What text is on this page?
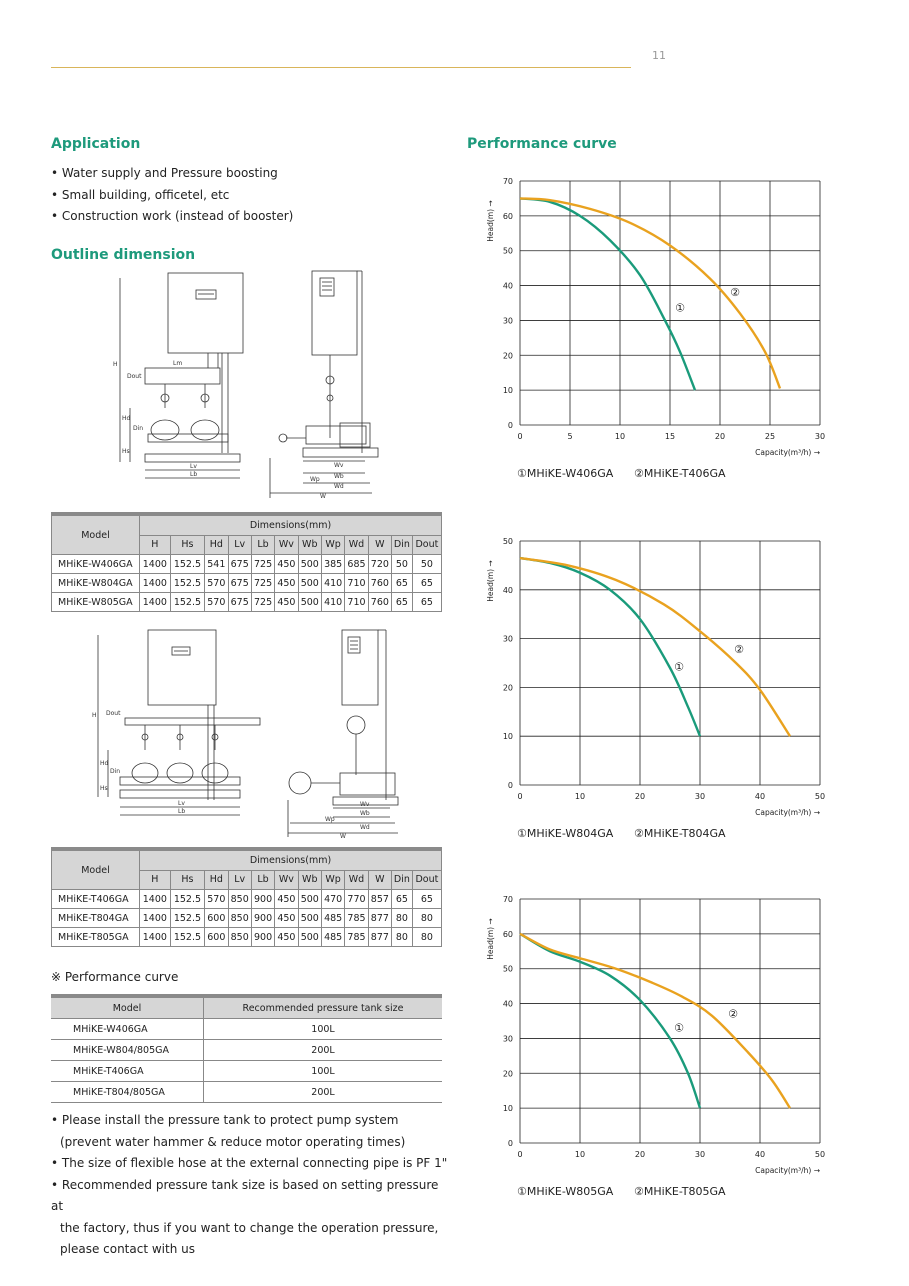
11
Application
• Water supply and Pressure boosting
• Small building, officetel, etc
• Construction work (instead of booster)
Outline dimension
Lm
Dout
Din
Hd
Hs
H
Lv
Lb
Wv
Wb
Wp
Wd
W
Model	Dimensions(mm)											
	H	Hs	Hd	Lv	Lb	Wv	Wb	Wp	Wd	W	Din	Dout
MHiKE-W406GA	1400	152.5	541	675	725	450	500	385	685	720	50	50
MHiKE-W804GA	1400	152.5	570	675	725	450	500	410	710	760	65	65
MHiKE-W805GA	1400	152.5	570	675	725	450	500	410	710	760	65	65
Dout
Din
Hd
Hs
H
Lv
Lb
Wv
Wb
Wp
Wd
W
Model	Dimensions(mm)											
	H	Hs	Hd	Lv	Lb	Wv	Wb	Wp	Wd	W	Din	Dout
MHiKE-T406GA	1400	152.5	570	850	900	450	500	470	770	857	65	65
MHiKE-T804GA	1400	152.5	600	850	900	450	500	485	785	877	80	80
MHiKE-T805GA	1400	152.5	600	850	900	450	500	485	785	877	80	80
※ Performance curve
Model	Recommended pressure tank size
MHiKE-W406GA	100L
MHiKE-W804/805GA	200L
MHiKE-T406GA	100L
MHiKE-T804/805GA	200L
• Please install the pressure tank to protect pump system
(prevent water hammer & reduce motor operating times)
• The size of flexible hose at the external connecting pipe is PF 1"
• Recommended pressure tank size is based on setting pressure at
the factory, thus if you want to change the operation pressure,
please contact with us
Performance curve
0	5	10	15	20	25	30
0
10
20
30
40
50
60
70
Head(m) →
Capacity(m³/h) →
①
①MHiKE-W406GA
②
②MHiKE-T406GA
0	10	20	30	40	50
0
10
20
30
40
50
Head(m) →
Capacity(m³/h) →
①
①MHiKE-W804GA
②
②MHiKE-T804GA
0	10	20	30	40	50
0
10
20
30
40
50
60
70
Head(m) →
Capacity(m³/h) →
①
①MHiKE-W805GA
②
②MHiKE-T805GA
